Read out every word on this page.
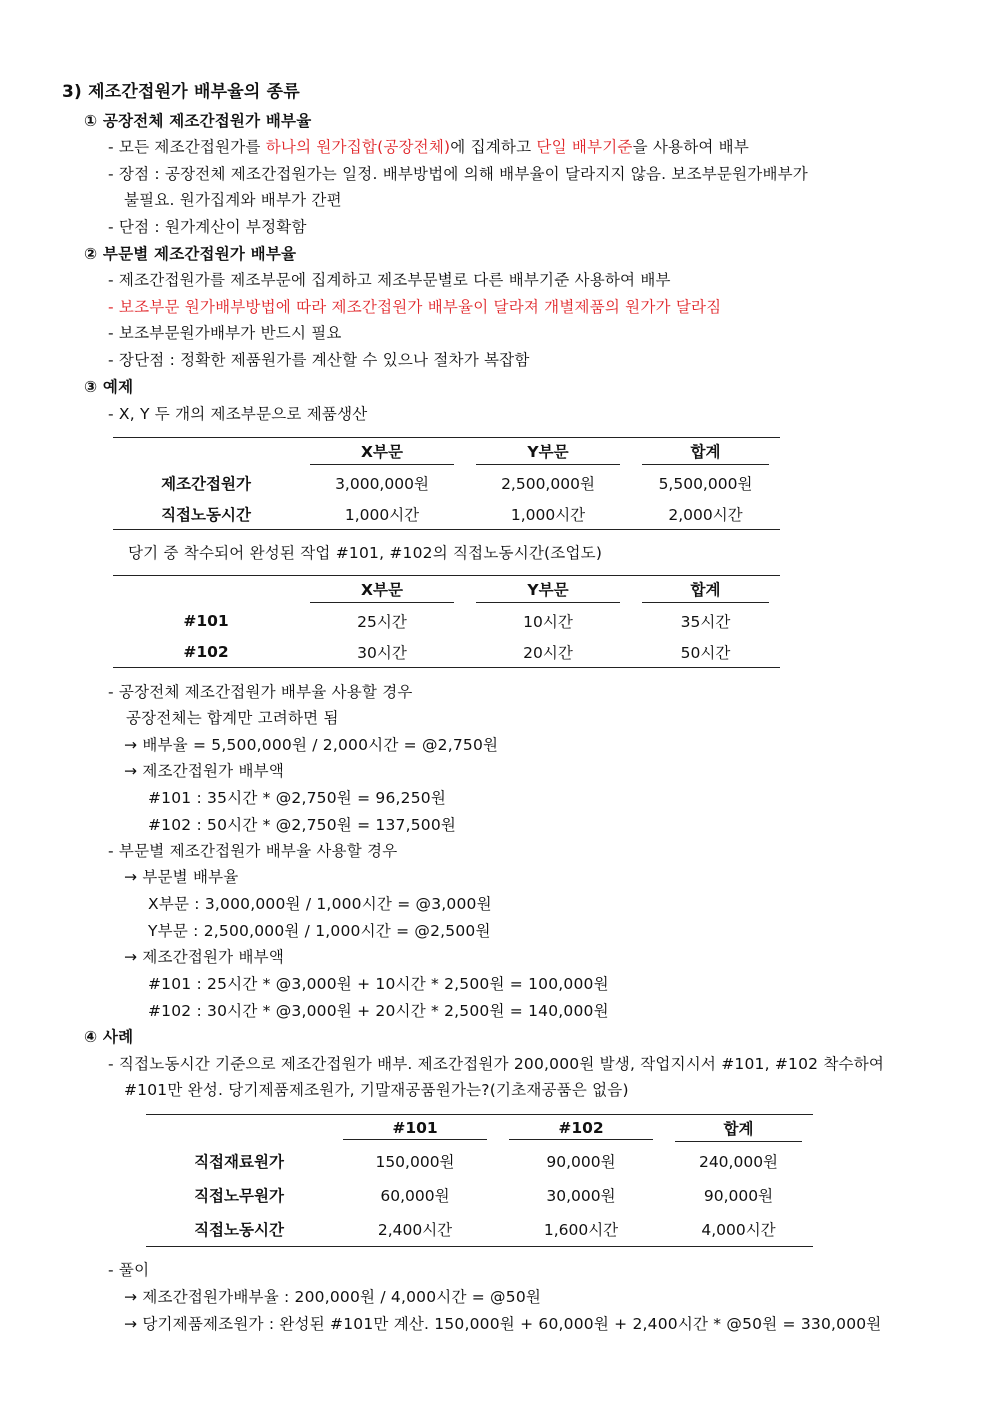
3) 제조간접원가 배부율의 종류
① 공장전체 제조간접원가 배부율
- 모든 제조간접원가를 하나의 원가집합(공장전체)에 집계하고 단일 배부기준을 사용하여 배부
- 장점 : 공장전체 제조간접원가는 일정. 배부방법에 의해 배부율이 달라지지 않음. 보조부문원가배부가
불필요. 원가집계와 배부가 간편
- 단점 : 원가계산이 부정확함
② 부문별 제조간접원가 배부율
- 제조간접원가를 제조부문에 집계하고 제조부문별로 다른 배부기준 사용하여 배부
- 보조부문 원가배부방법에 따라 제조간접원가 배부율이 달라져 개별제품의 원가가 달라짐
- 보조부문원가배부가 반드시 필요
- 장단점 : 정확한 제품원가를 계산할 수 있으나 절차가 복잡함
③ 예제
- X, Y 두 개의 제조부문으로 제품생산

	X부문	Y부문	합계

제조간접원가	3,000,000원	2,500,000원	5,500,000원
직접노동시간	1,000시간	1,000시간	2,000시간
당기 중 착수되어 완성된 작업 #101, #102의 직접노동시간(조업도)

	X부문	Y부문	합계

#101	25시간	10시간	35시간
#102	30시간	20시간	50시간
- 공장전체 제조간접원가 배부율 사용할 경우
공장전체는 합계만 고려하면 됨
→ 배부율 = 5,500,000원 / 2,000시간 = @2,750원
→ 제조간접원가 배부액
#101 : 35시간 * @2,750원 = 96,250원
#102 : 50시간 * @2,750원 = 137,500원
- 부문별 제조간접원가 배부율 사용할 경우
→ 부문별 배부율
X부문 : 3,000,000원 / 1,000시간 = @3,000원
Y부문 : 2,500,000원 / 1,000시간 = @2,500원
→ 제조간접원가 배부액
#101 : 25시간 * @3,000원 + 10시간 * 2,500원 = 100,000원
#102 : 30시간 * @3,000원 + 20시간 * 2,500원 = 140,000원
④ 사례
- 직접노동시간 기준으로 제조간접원가 배부. 제조간접원가 200,000원 발생, 작업지시서 #101, #102 착수하여
#101만 완성. 당기제품제조원가, 기말재공품원가는?(기초재공품은 없음)

	#101	#102	합계

직접재료원가	150,000원	90,000원	240,000원
직접노무원가	60,000원	30,000원	90,000원
직접노동시간	2,400시간	1,600시간	4,000시간
- 풀이
→ 제조간접원가배부율 : 200,000원 / 4,000시간 = @50원
→ 당기제품제조원가 : 완성된 #101만 계산. 150,000원 + 60,000원 + 2,400시간 * @50원 = 330,000원
